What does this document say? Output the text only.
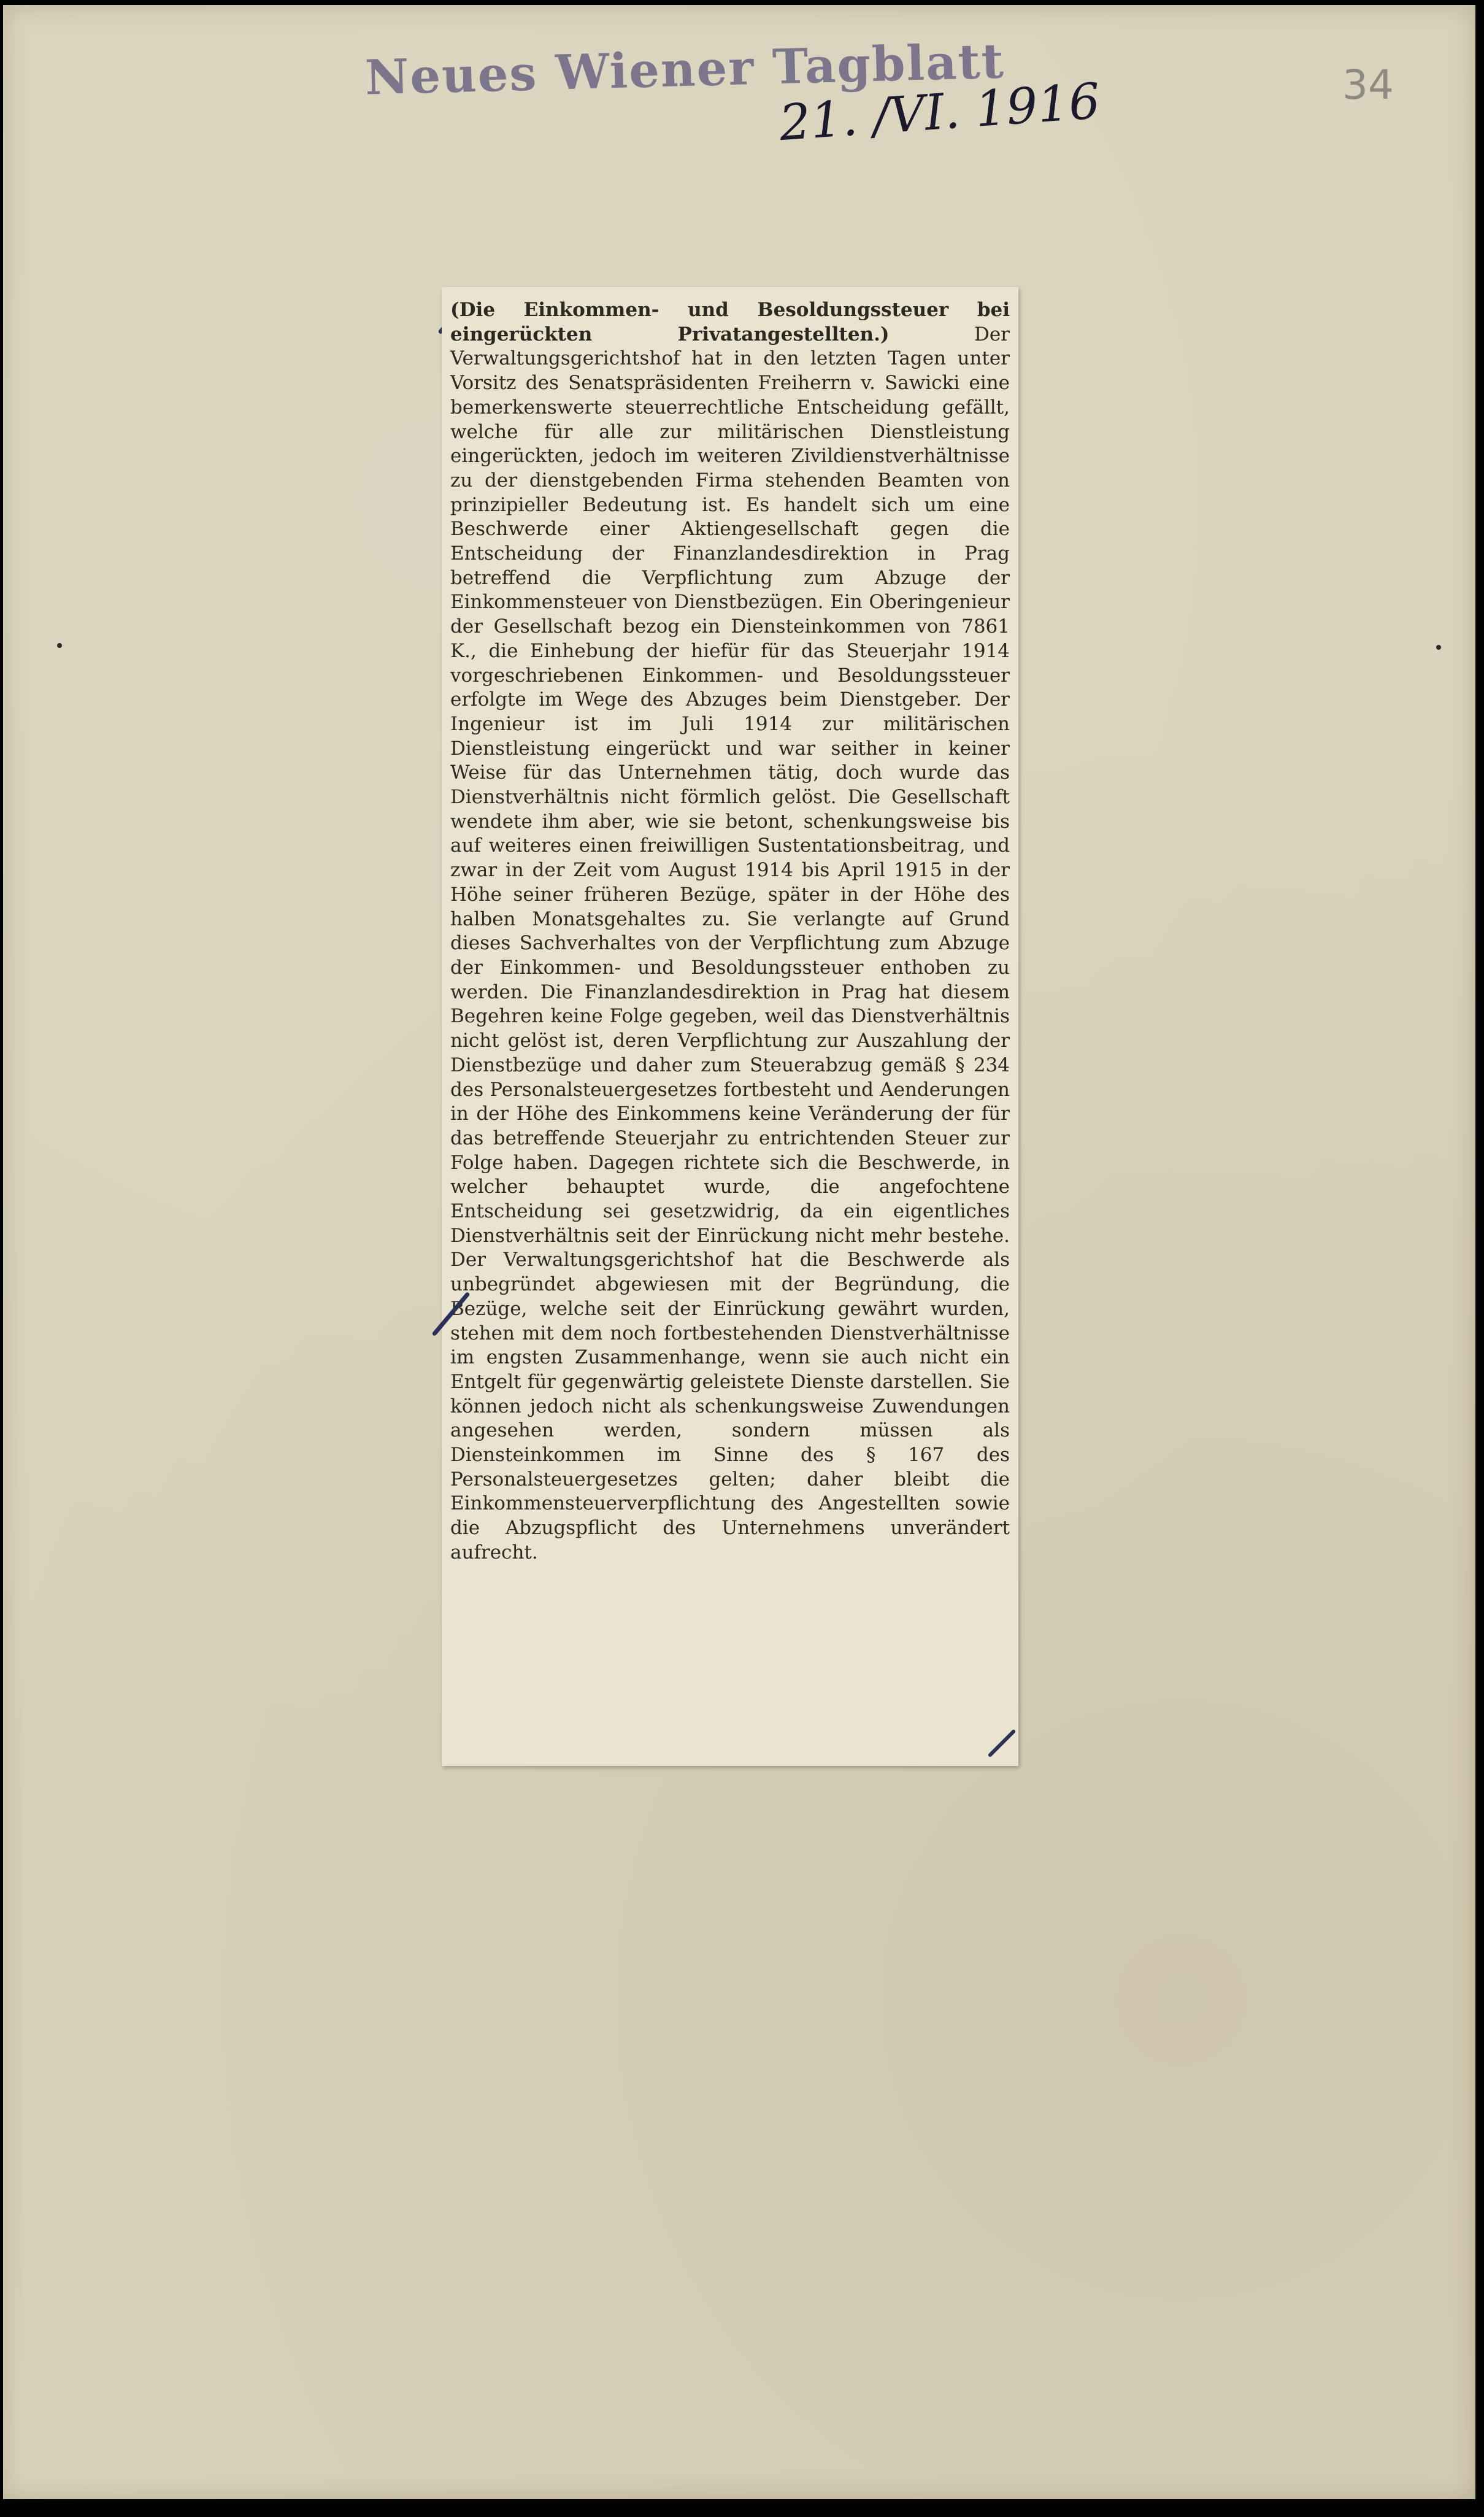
Neues Wiener Tagblatt
21. /VI. 1916	34

(Die Einkommen- und Besoldungssteuer bei eingerückten Privatangestellten.)	Der Verwaltungsgerichtshof hat in den letzten Tagen unter Vorsitz des Senatspräsidenten Freiherrn v. Sawicki eine bemerkenswerte steuerrechtliche Entscheidung gefällt, welche für alle zur militärischen Dienstleistung eingerückten, jedoch im weiteren Zivildienstverhältnisse zu der dienstgebenden Firma stehenden Beamten von prinzipieller Bedeutung ist. Es handelt sich um eine Beschwerde einer Aktiengesellschaft gegen die Entscheidung der Finanzlandesdirektion in Prag betreffend die Verpflichtung zum Abzuge der Einkommensteuer von Dienstbezügen. Ein Oberingenieur der Gesellschaft bezog ein Diensteinkommen von 7861 K., die Einhebung der hiefür für das Steuerjahr 1914 vorgeschriebenen Einkommen- und Besoldungssteuer erfolgte im Wege des Abzuges beim Dienstgeber. Der Ingenieur ist im Juli 1914 zur militärischen Dienstleistung eingerückt und war seither in keiner Weise für das Unternehmen tätig, doch wurde das Dienstverhältnis nicht förmlich gelöst. Die Gesellschaft wendete ihm aber, wie sie betont, schenkungsweise bis auf weiteres einen freiwilligen Sustentationsbeitrag, und zwar in der Zeit vom August 1914 bis April 1915 in der Höhe seiner früheren Bezüge, später in der Höhe des halben Monatsgehaltes zu. Sie verlangte auf Grund dieses Sachverhaltes von der Verpflichtung zum Abzuge der Einkommen- und Besoldungssteuer enthoben zu werden. Die Finanzlandesdirektion in Prag hat diesem Begehren keine Folge gegeben, weil das Dienstverhältnis nicht gelöst ist, deren Verpflichtung zur Auszahlung der Dienstbezüge und daher zum Steuerabzug gemäß § 234 des Personalsteuergesetzes fortbesteht und Aenderungen in der Höhe des Einkommens keine Veränderung der für das betreffende Steuerjahr zu entrichtenden Steuer zur Folge haben. Dagegen richtete sich die Beschwerde, in welcher behauptet wurde, die angefochtene Entscheidung sei gesetzwidrig, da ein eigentliches Dienstverhältnis seit der Einrückung nicht mehr bestehe. Der Verwaltungsgerichtshof hat die Beschwerde als unbegründet abgewiesen mit der Begründung, die Bezüge, welche seit der Einrückung gewährt wurden, stehen mit dem noch fortbestehenden Dienstverhältnisse im engsten Zusammenhange, wenn sie auch nicht ein Entgelt für gegenwärtig geleistete Dienste darstellen. Sie können jedoch nicht als schenkungsweise Zuwendungen angesehen werden, sondern müssen als Diensteinkommen im Sinne des § 167 des Personalsteuergesetzes gelten; daher bleibt die Einkommensteuerverpflichtung des Angestellten sowie die Abzugspflicht des Unternehmens unverändert aufrecht.
